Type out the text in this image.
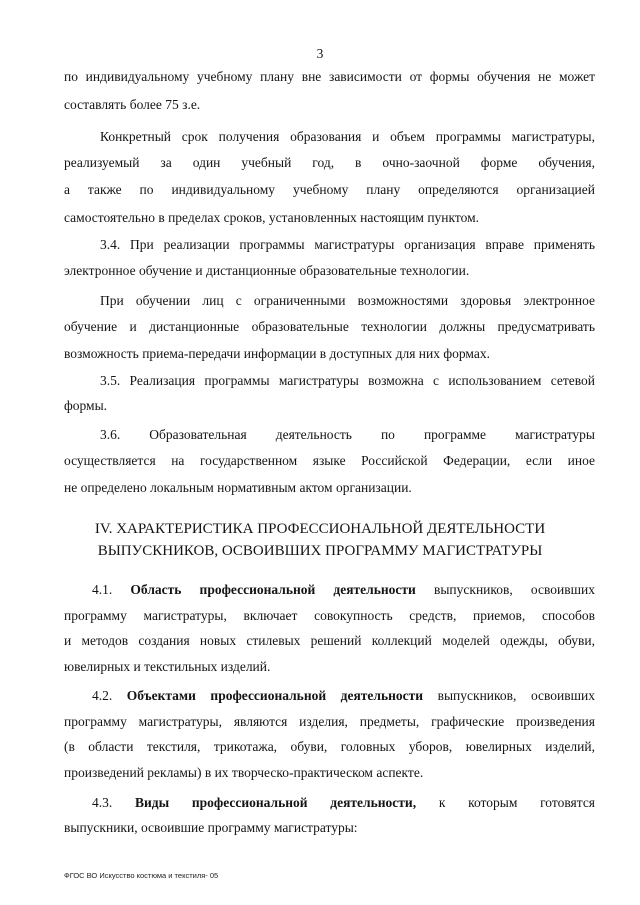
3
по индивидуальному учебному плану вне зависимости от формы обучения не может
составлять более 75 з.е.
Конкретный срок получения образования и объем программы магистратуры,
реализуемый за один учебный год, в очно-заочной форме обучения,
а также по индивидуальному учебному плану определяются организацией
самостоятельно в пределах сроков, установленных настоящим пунктом.
3.4. При реализации программы магистратуры организация вправе применять
электронное обучение и дистанционные образовательные технологии.
При обучении лиц с ограниченными возможностями здоровья электронное
обучение и дистанционные образовательные технологии должны предусматривать
возможность приема-передачи информации в доступных для них формах.
3.5. Реализация программы магистратуры возможна с использованием сетевой
формы.
3.6. Образовательная деятельность по программе магистратуры
осуществляется на государственном языке Российской Федерации, если иное
не определено локальным нормативным актом организации.
IV. ХАРАКТЕРИСТИКА ПРОФЕССИОНАЛЬНОЙ ДЕЯТЕЛЬНОСТИ
ВЫПУСКНИКОВ, ОСВОИВШИХ ПРОГРАММУ МАГИСТРАТУРЫ
4.1. Область профессиональной деятельности выпускников, освоивших
программу магистратуры, включает совокупность средств, приемов, способов
и методов создания новых стилевых решений коллекций моделей одежды, обуви,
ювелирных и текстильных изделий.
4.2. Объектами профессиональной деятельности выпускников, освоивших
программу магистратуры, являются изделия, предметы, графические произведения
(в области текстиля, трикотажа, обуви, головных уборов, ювелирных изделий,
произведений рекламы) в их творческо-практическом аспекте.
4.3. Виды профессиональной деятельности, к которым готовятся
выпускники, освоившие программу магистратуры:
ФГОС ВО Искусство костюма и текстиля- 05
